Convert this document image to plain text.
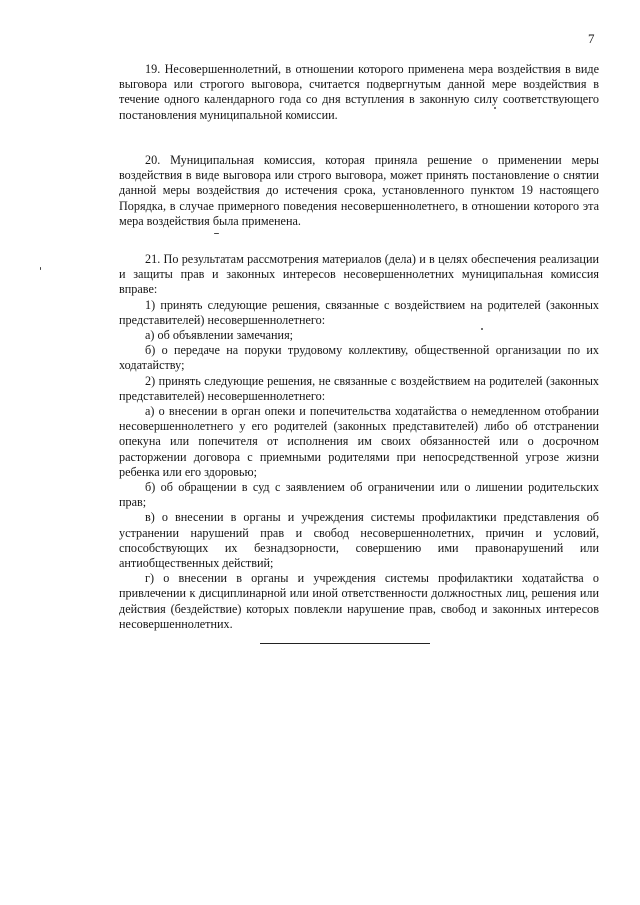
7

19. Несовершеннолетний, в отношении которого применена мера воздействия в виде выговора или строгого выговора, считается подвергнутым данной мере воздействия в течение одного календарного года со дня вступления в законную силу соответствующего постановления муниципальной комиссии.

20. Муниципальная комиссия, которая приняла решение о применении меры воздействия в виде выговора или строго выговора, может принять постановление о снятии данной меры воздействия до истечения срока, установленного пунктом 19 настоящего Порядка, в случае примерного поведения несовершеннолетнего, в отношении которого эта мера воздействия была применена.

21. По результатам рассмотрения материалов (дела) и в целях обеспечения реализации и защиты прав и законных интересов несовершеннолетних муниципальная комиссия вправе:

1) принять следующие решения, связанные с воздействием на родителей (законных представителей) несовершеннолетнего:

а) об объявлении замечания;

б) о передаче на поруки трудовому коллективу, общественной организации по их ходатайству;

2) принять следующие решения, не связанные с воздействием на родителей (законных представителей) несовершеннолетнего:

а) о внесении в орган опеки и попечительства ходатайства о немедленном отобрании несовершеннолетнего у его родителей (законных представителей) либо об отстранении опекуна или попечителя от исполнения им своих обязанностей или о досрочном расторжении договора с приемными родителями при непосредственной угрозе жизни ребенка или его здоровью;

б) об обращении в суд с заявлением об ограничении или о лишении родительских прав;

в) о внесении в органы и учреждения системы профилактики представления об устранении нарушений прав и свобод несовершеннолетних, причин и условий, способствующих их безнадзорности, совершению ими правонарушений или антиобщественных действий;

г) о внесении в органы и учреждения системы профилактики ходатайства о привлечении к дисциплинарной или иной ответственности должностных лиц, решения или действия (бездействие) которых повлекли нарушение прав, свобод и законных интересов несовершеннолетних.
